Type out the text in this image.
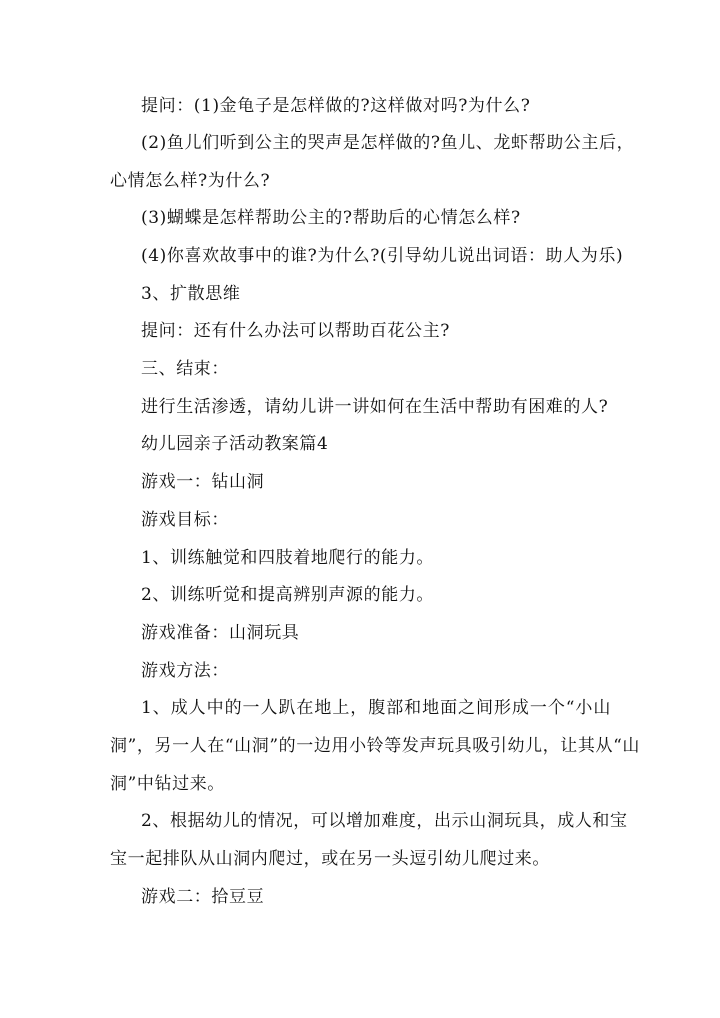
提问：(1)金龟子是怎样做的?这样做对吗?为什么?
(2)鱼儿们听到公主的哭声是怎样做的?鱼儿、龙虾帮助公主后，
心情怎么样?为什么?
(3)蝴蝶是怎样帮助公主的?帮助后的心情怎么样?
(4)你喜欢故事中的谁?为什么?(引导幼儿说出词语：助人为乐)
3、扩散思维
提问：还有什么办法可以帮助百花公主?
三、结束：
进行生活渗透，请幼儿讲一讲如何在生活中帮助有困难的人?
幼儿园亲子活动教案篇4
游戏一：钻山洞
游戏目标：
1、训练触觉和四肢着地爬行的能力。
2、训练听觉和提高辨别声源的能力。
游戏准备：山洞玩具
游戏方法：
1、成人中的一人趴在地上，腹部和地面之间形成一个“小山
洞”，另一人在“山洞”的一边用小铃等发声玩具吸引幼儿，让其从“山
洞”中钻过来。
2、根据幼儿的情况，可以增加难度，出示山洞玩具，成人和宝
宝一起排队从山洞内爬过，或在另一头逗引幼儿爬过来。
游戏二：拾豆豆
